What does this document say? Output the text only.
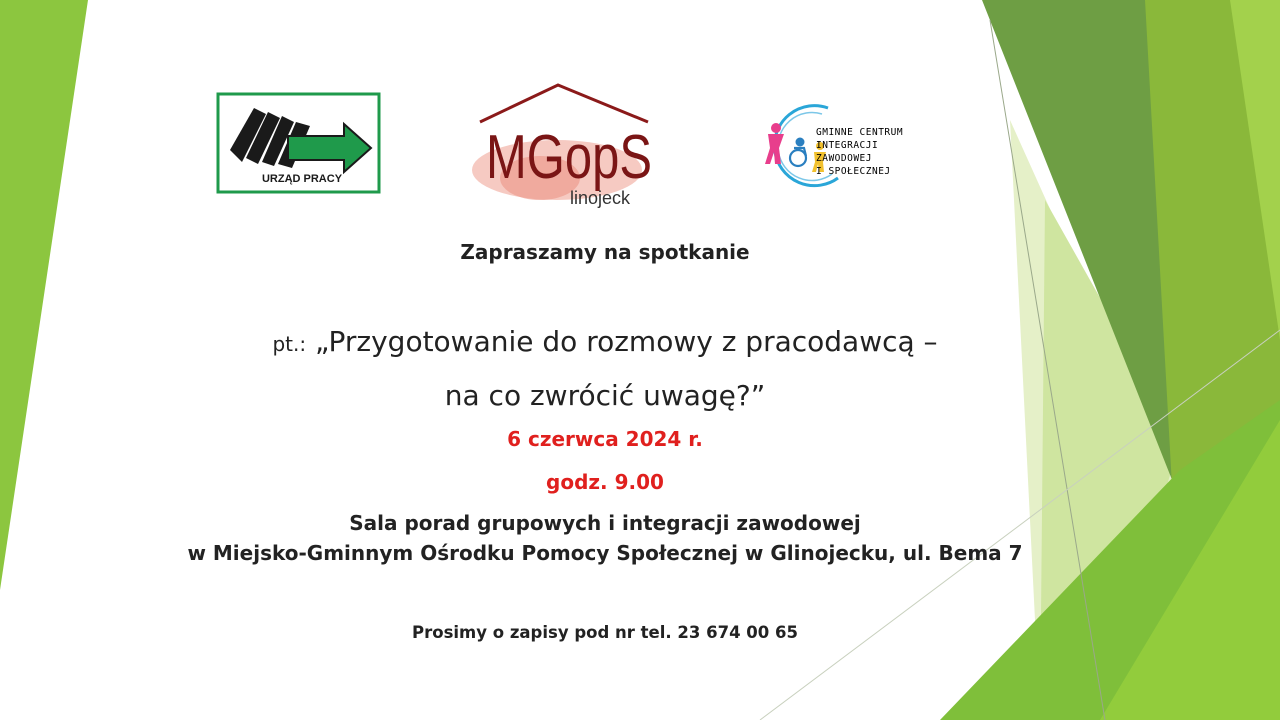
URZĄD PRACY MGopS
linojeck
GMINNE CENTRUM
INTEGRACJI
ZAWODOWEJ
I SPOŁECZNEJ
Zapraszamy na spotkanie
pt.: „Przygotowanie do rozmowy z pracodawcą –
na co zwrócić uwagę?”
6 czerwca 2024 r.
godz. 9.00
Sala porad grupowych i integracji zawodowej
w Miejsko-Gminnym Ośrodku Pomocy Społecznej w Glinojecku, ul. Bema 7
Prosimy o zapisy pod nr tel. 23 674 00 65
